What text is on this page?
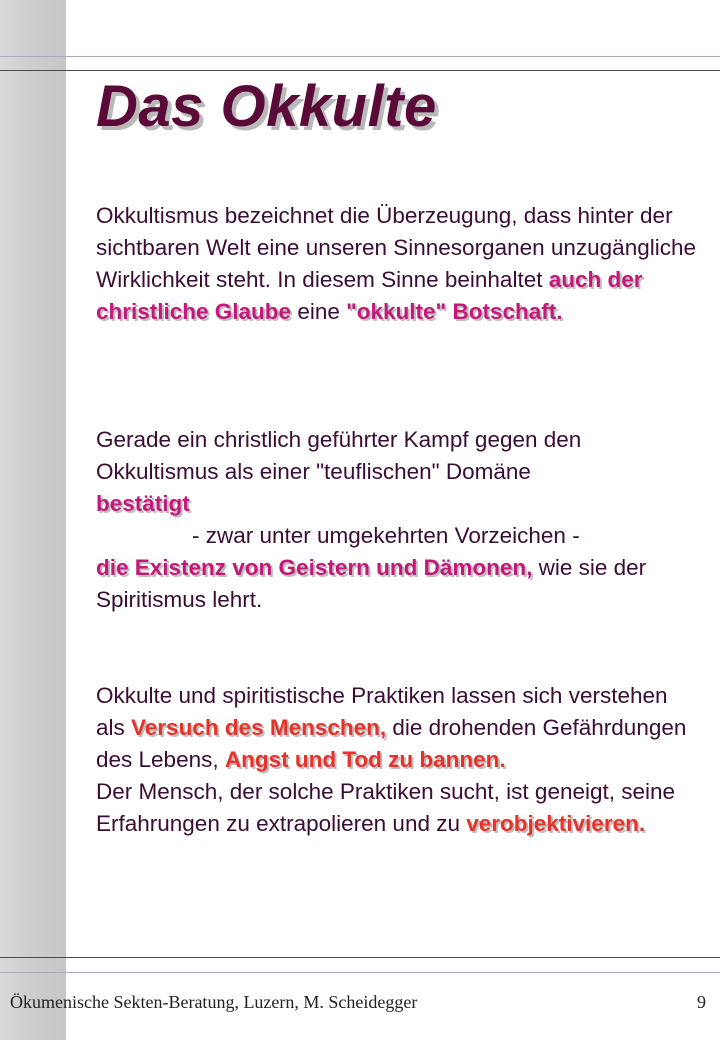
Das Okkulte

Okkultismus bezeichnet die Überzeugung, dass hinter der sichtbaren Welt eine unseren Sinnesorganen unzugängliche Wirklichkeit steht. In diesem Sinne beinhaltet auch der christliche Glaube eine "okkulte" Botschaft.

Gerade ein christlich geführter Kampf gegen den Okkultismus als einer "teuflischen" Domäne
bestätigt
- zwar unter umgekehrten Vorzeichen -
die Existenz von Geistern und Dämonen, wie sie der Spiritismus lehrt.

Okkulte und spiritistische Praktiken lassen sich verstehen als Versuch des Menschen, die drohenden Gefährdungen des Lebens, Angst und Tod zu bannen.
Der Mensch, der solche Praktiken sucht, ist geneigt, seine Erfahrungen zu extrapolieren und zu verobjektivieren.

Ökumenische Sekten-Beratung, Luzern, M. Scheidegger	9
